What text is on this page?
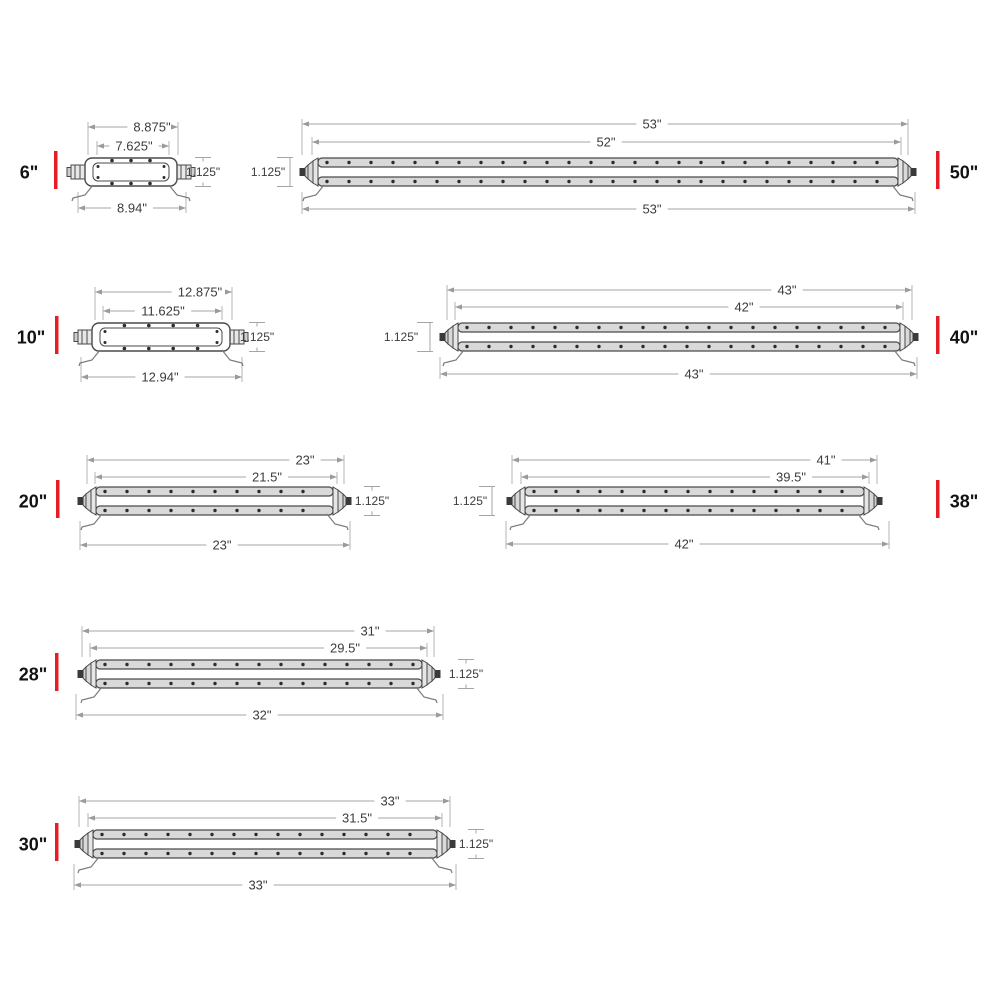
8.875"
7.625"
8.94"
1.125"
6"
53"
52"
53"
1.125"	50"
12.875"
11.625"
12.94"
1.125"
10"
43"
42"
43"
1.125"	40"
23"
21.5"
23"
1.125"
20"
41"
39.5"
42"
1.125"	38"
31"
29.5"
32"
1.125"
28"
33"
31.5"
33"
1.125"
30"
